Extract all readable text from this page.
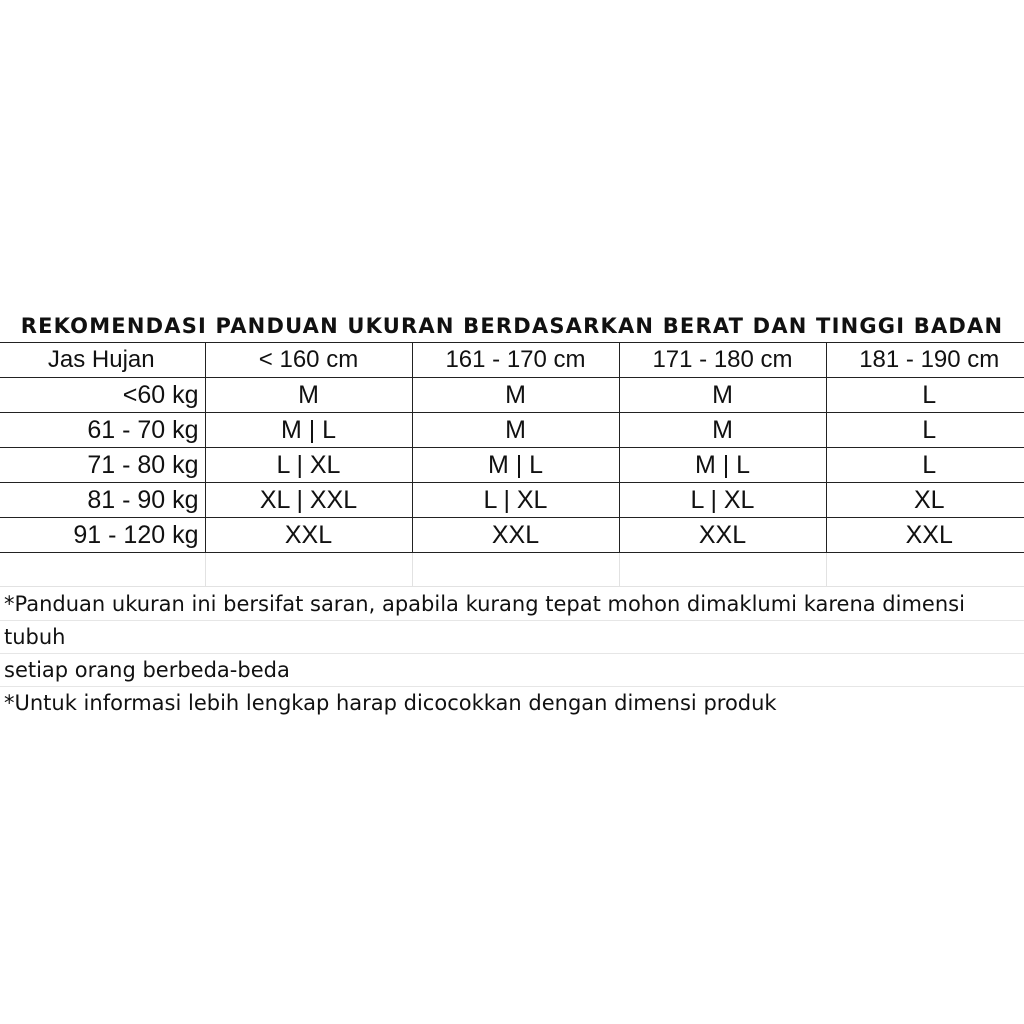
REKOMENDASI PANDUAN UKURAN BERDASARKAN BERAT DAN TINGGI BADAN
Jas Hujan	< 160 cm	161 - 170 cm	171 - 180 cm	181 - 190 cm
<60 kg	M	M	M	L
61 - 70 kg	M | L	M	M	L
71 - 80 kg	L | XL	M | L	M | L	L
81 - 90 kg	XL | XXL	L | XL	L | XL	XL
91 - 120 kg	XXL	XXL	XXL	XXL

*Panduan ukuran ini bersifat saran, apabila kurang tepat mohon dimaklumi karena dimensi
tubuh
setiap orang berbeda-beda
*Untuk informasi lebih lengkap harap dicocokkan dengan dimensi produk
